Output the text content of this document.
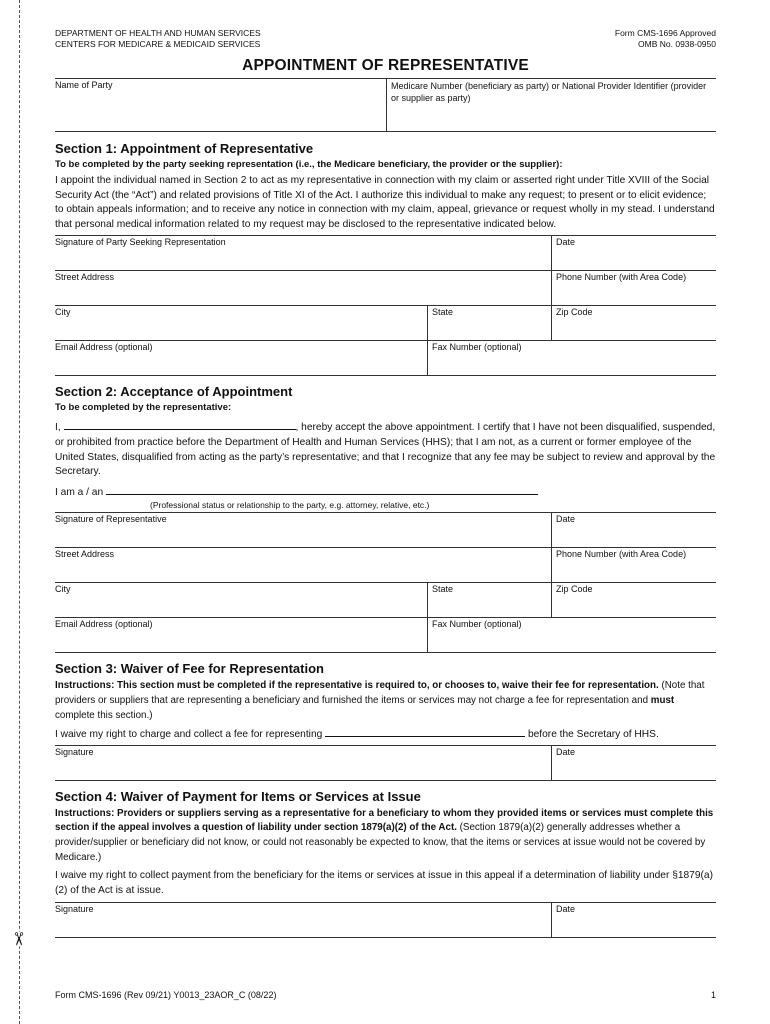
✂
DEPARTMENT OF HEALTH AND HUMAN SERVICES
CENTERS FOR MEDICARE & MEDICAID SERVICES
Form CMS-1696 Approved
OMB No. 0938-0950
APPOINTMENT OF REPRESENTATIVE
Name of Party	Medicare Number (beneficiary as party) or National Provider Identifier (provider or supplier as party)
Section 1: Appointment of Representative
To be completed by the party seeking representation (i.e., the Medicare beneficiary, the provider or the supplier):
I appoint the individual named in Section 2 to act as my representative in connection with my claim or asserted right under Title XVIII of the Social Security Act (the “Act”) and related provisions of Title XI of the Act. I authorize this individual to make any request; to present or to elicit evidence; to obtain appeals information; and to receive any notice in connection with my claim, appeal, grievance or request wholly in my stead. I understand that personal medical information related to my request may be disclosed to the representative indicated below.
Signature of Party Seeking Representation	Date
Street Address	Phone Number (with Area Code)
City	State	Zip Code
Email Address (optional)	Fax Number (optional)
Section 2: Acceptance of Appointment
To be completed by the representative:
I,	, hereby accept the above appointment. I certify that I have not been disqualified, suspended, or prohibited from practice before the Department of Health and Human Services (HHS); that I am not, as a current or former employee of the United States, disqualified from acting as the party’s representative; and that I recognize that any fee may be subject to review and approval by the Secretary.
I am a / an
(Professional status or relationship to the party, e.g. attorney, relative, etc.)
Signature of Representative	Date
Street Address	Phone Number (with Area Code)
City	State	Zip Code
Email Address (optional)	Fax Number (optional)
Section 3: Waiver of Fee for Representation
Instructions: This section must be completed if the representative is required to, or chooses to, waive their fee for representation. (Note that providers or suppliers that are representing a beneficiary and furnished the items or services may not charge a fee for representation and must complete this section.)
I waive my right to charge and collect a fee for representing	before the Secretary of HHS.
Signature	Date
Section 4: Waiver of Payment for Items or Services at Issue
Instructions: Providers or suppliers serving as a representative for a beneficiary to whom they provided items or services must complete this section if the appeal involves a question of liability under section 1879(a)(2) of the Act. (Section 1879(a)(2) generally addresses whether a provider/supplier or beneficiary did not know, or could not reasonably be expected to know, that the items or services at issue would not be covered by Medicare.)
I waive my right to collect payment from the beneficiary for the items or services at issue in this appeal if a determination of liability under §1879(a)(2) of the Act is at issue.
Signature	Date
Form CMS-1696 (Rev 09/21) Y0013_23AOR_C (08/22)	1
